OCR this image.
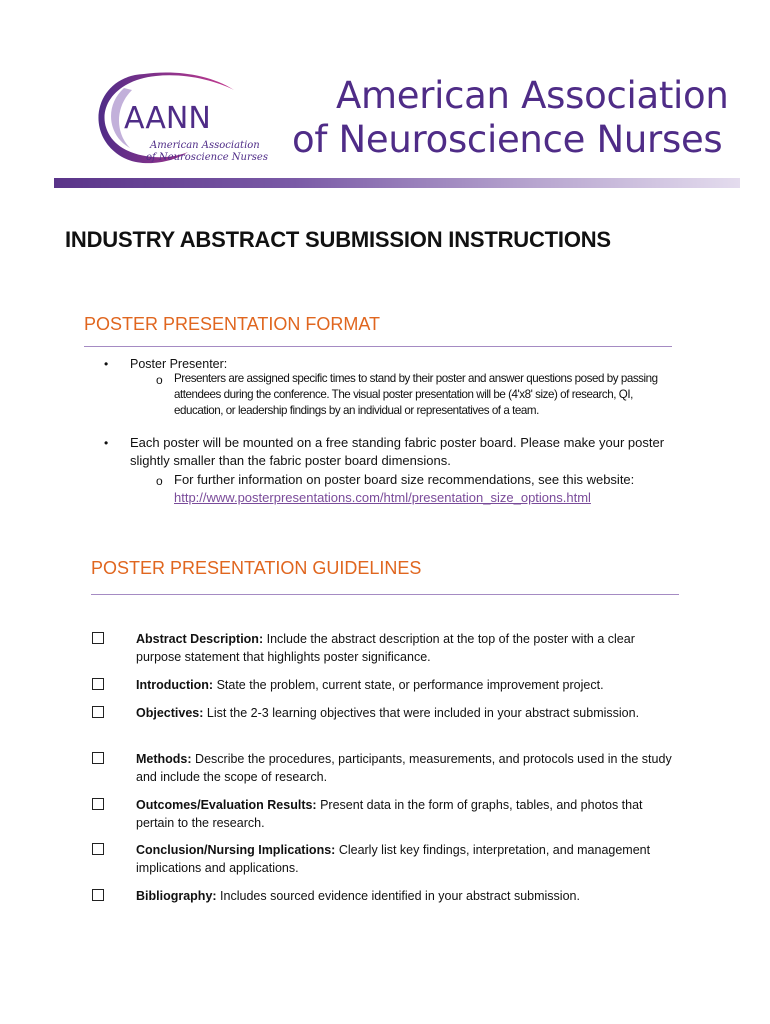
AANN
American Association
of Neuroscience Nurses
American Association
of Neuroscience Nurses
INDUSTRY ABSTRACT SUBMISSION INSTRUCTIONS
POSTER PRESENTATION FORMAT
• Poster Presenter:
o Presenters are assigned specific times to stand by their poster and answer questions posed by passing attendees during the conference. The visual poster presentation will be (4'x8' size) of research, QI, education, or leadership findings by an individual or representatives of a team.
• Each poster will be mounted on a free standing fabric poster board. Please make your poster slightly smaller than the fabric poster board dimensions.
o For further information on poster board size recommendations, see this website:
http://www.posterpresentations.com/html/presentation_size_options.html
POSTER PRESENTATION GUIDELINES
Abstract Description: Include the abstract description at the top of the poster with a clear purpose statement that highlights poster significance.
Introduction: State the problem, current state, or performance improvement project.
Objectives: List the 2-3 learning objectives that were included in your abstract submission.
Methods: Describe the procedures, participants, measurements, and protocols used in the study and include the scope of research.
Outcomes/Evaluation Results: Present data in the form of graphs, tables, and photos that pertain to the research.
Conclusion/Nursing Implications: Clearly list key findings, interpretation, and management implications and applications.
Bibliography: Includes sourced evidence identified in your abstract submission.
